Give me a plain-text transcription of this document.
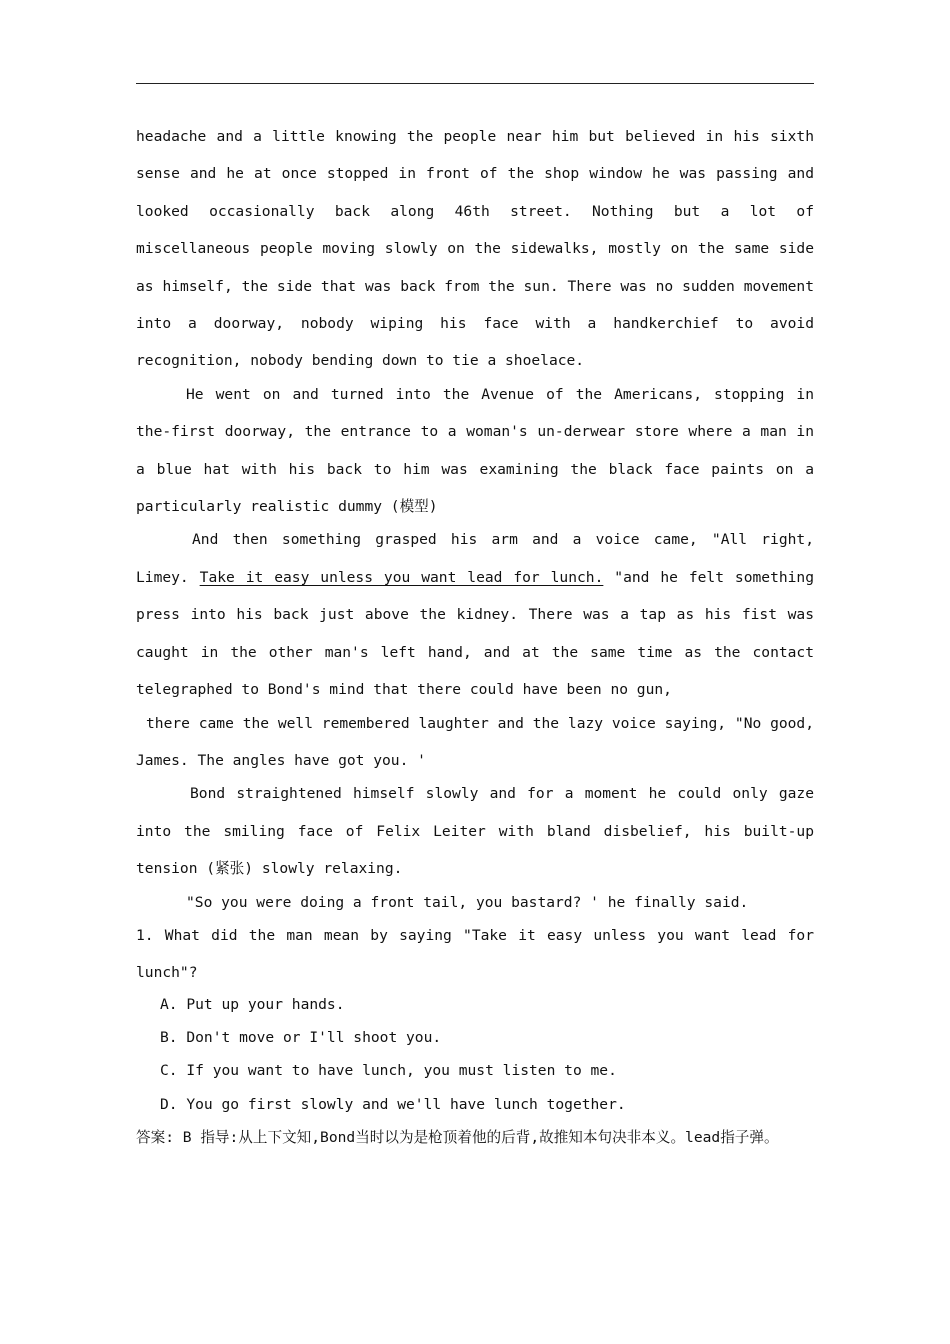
headache and a little knowing the people near him but believed in his sixth sense and he at once stopped in front of the shop window he was passing and looked occasionally back along 46th street. Nothing but a lot of miscellaneous people moving slowly on the sidewalks, mostly on the same side as himself, the side that was back from the sun. There was no sudden movement into a doorway, nobody wiping his face with a handkerchief to avoid recognition, nobody bending down to tie a shoelace.

He went on and turned into the Avenue of the Americans, stopping in the-first doorway, the entrance to a woman's un-derwear store where a man in a blue hat with his back to him was examining the black face paints on a particularly realistic dummy (模型)

And then something grasped his arm and a voice came, "All right, Limey. Take it easy unless you want lead for lunch. "and he felt something press into his back just above the kidney. There was a tap as his fist was caught in the other man's left hand, and at the same time as the contact telegraphed to Bond's mind that there could have been no gun,

there came the well remembered laughter and the lazy voice saying, "No good, James. The angles have got you. '

Bond straightened himself slowly and for a moment he could only gaze into the smiling face of Felix Leiter with bland disbelief, his built-up tension (紧张) slowly relaxing.

"So you were doing a front tail, you bastard? ' he finally said.

1. What did the man mean by saying "Take it easy unless you want lead for lunch"?

A. Put up your hands.

B. Don't move or I'll shoot you.

C. If you want to have lunch, you must listen to me.

D. You go first slowly and we'll have lunch together.

答案: B 指导:从上下文知,Bond当时以为是枪顶着他的后背,故推知本句决非本义。lead指子弹。
